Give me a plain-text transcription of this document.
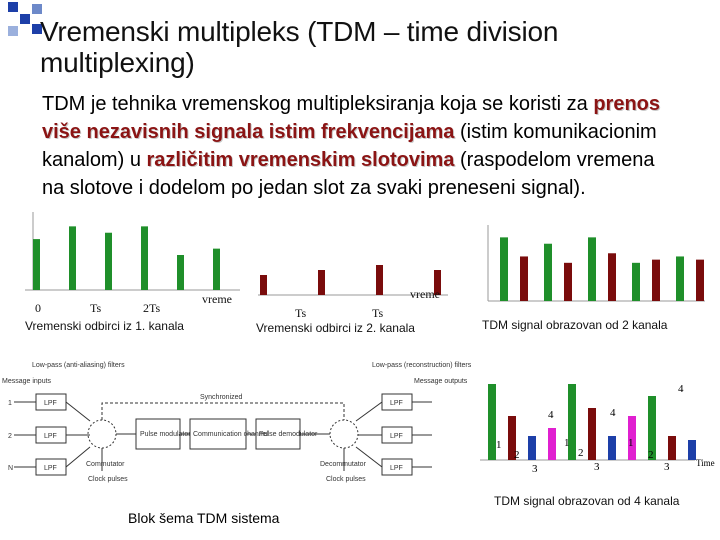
Vremenski multipleks (TDM – time division multiplexing)
TDM je tehnika vremenskog multipleksiranja koja se koristi za prenos više nezavisnih signala istim frekvencijama (istim komunikacionim kanalom) u različitim vremenskim slotovima (raspodelom vremena na slotove i dodelom po jedan slot za svaki preneseni signal).
0	Ts	2Ts
vreme
Vremenski odbirci iz 1. kanala
Ts	Ts
vreme
Vremenski odbirci iz 2. kanala	TDM signal obrazovan od 2 kanala
Low-pass (anti-aliasing) filters	Low-pass (reconstruction) filters
Message inputs	Message outputs
Synchronized
LPF
LPF
LPF
LPF
LPF
LPF
Pulse modulator Communication channel
Pulse demodulator
Commutator	Decommutator
Clock pulses	Clock pulses
1
2
N
Blok šema TDM sistema
Time
1
2
3
4
1
2
3
4
1
2
3
4
TDM signal obrazovan od 4 kanala
